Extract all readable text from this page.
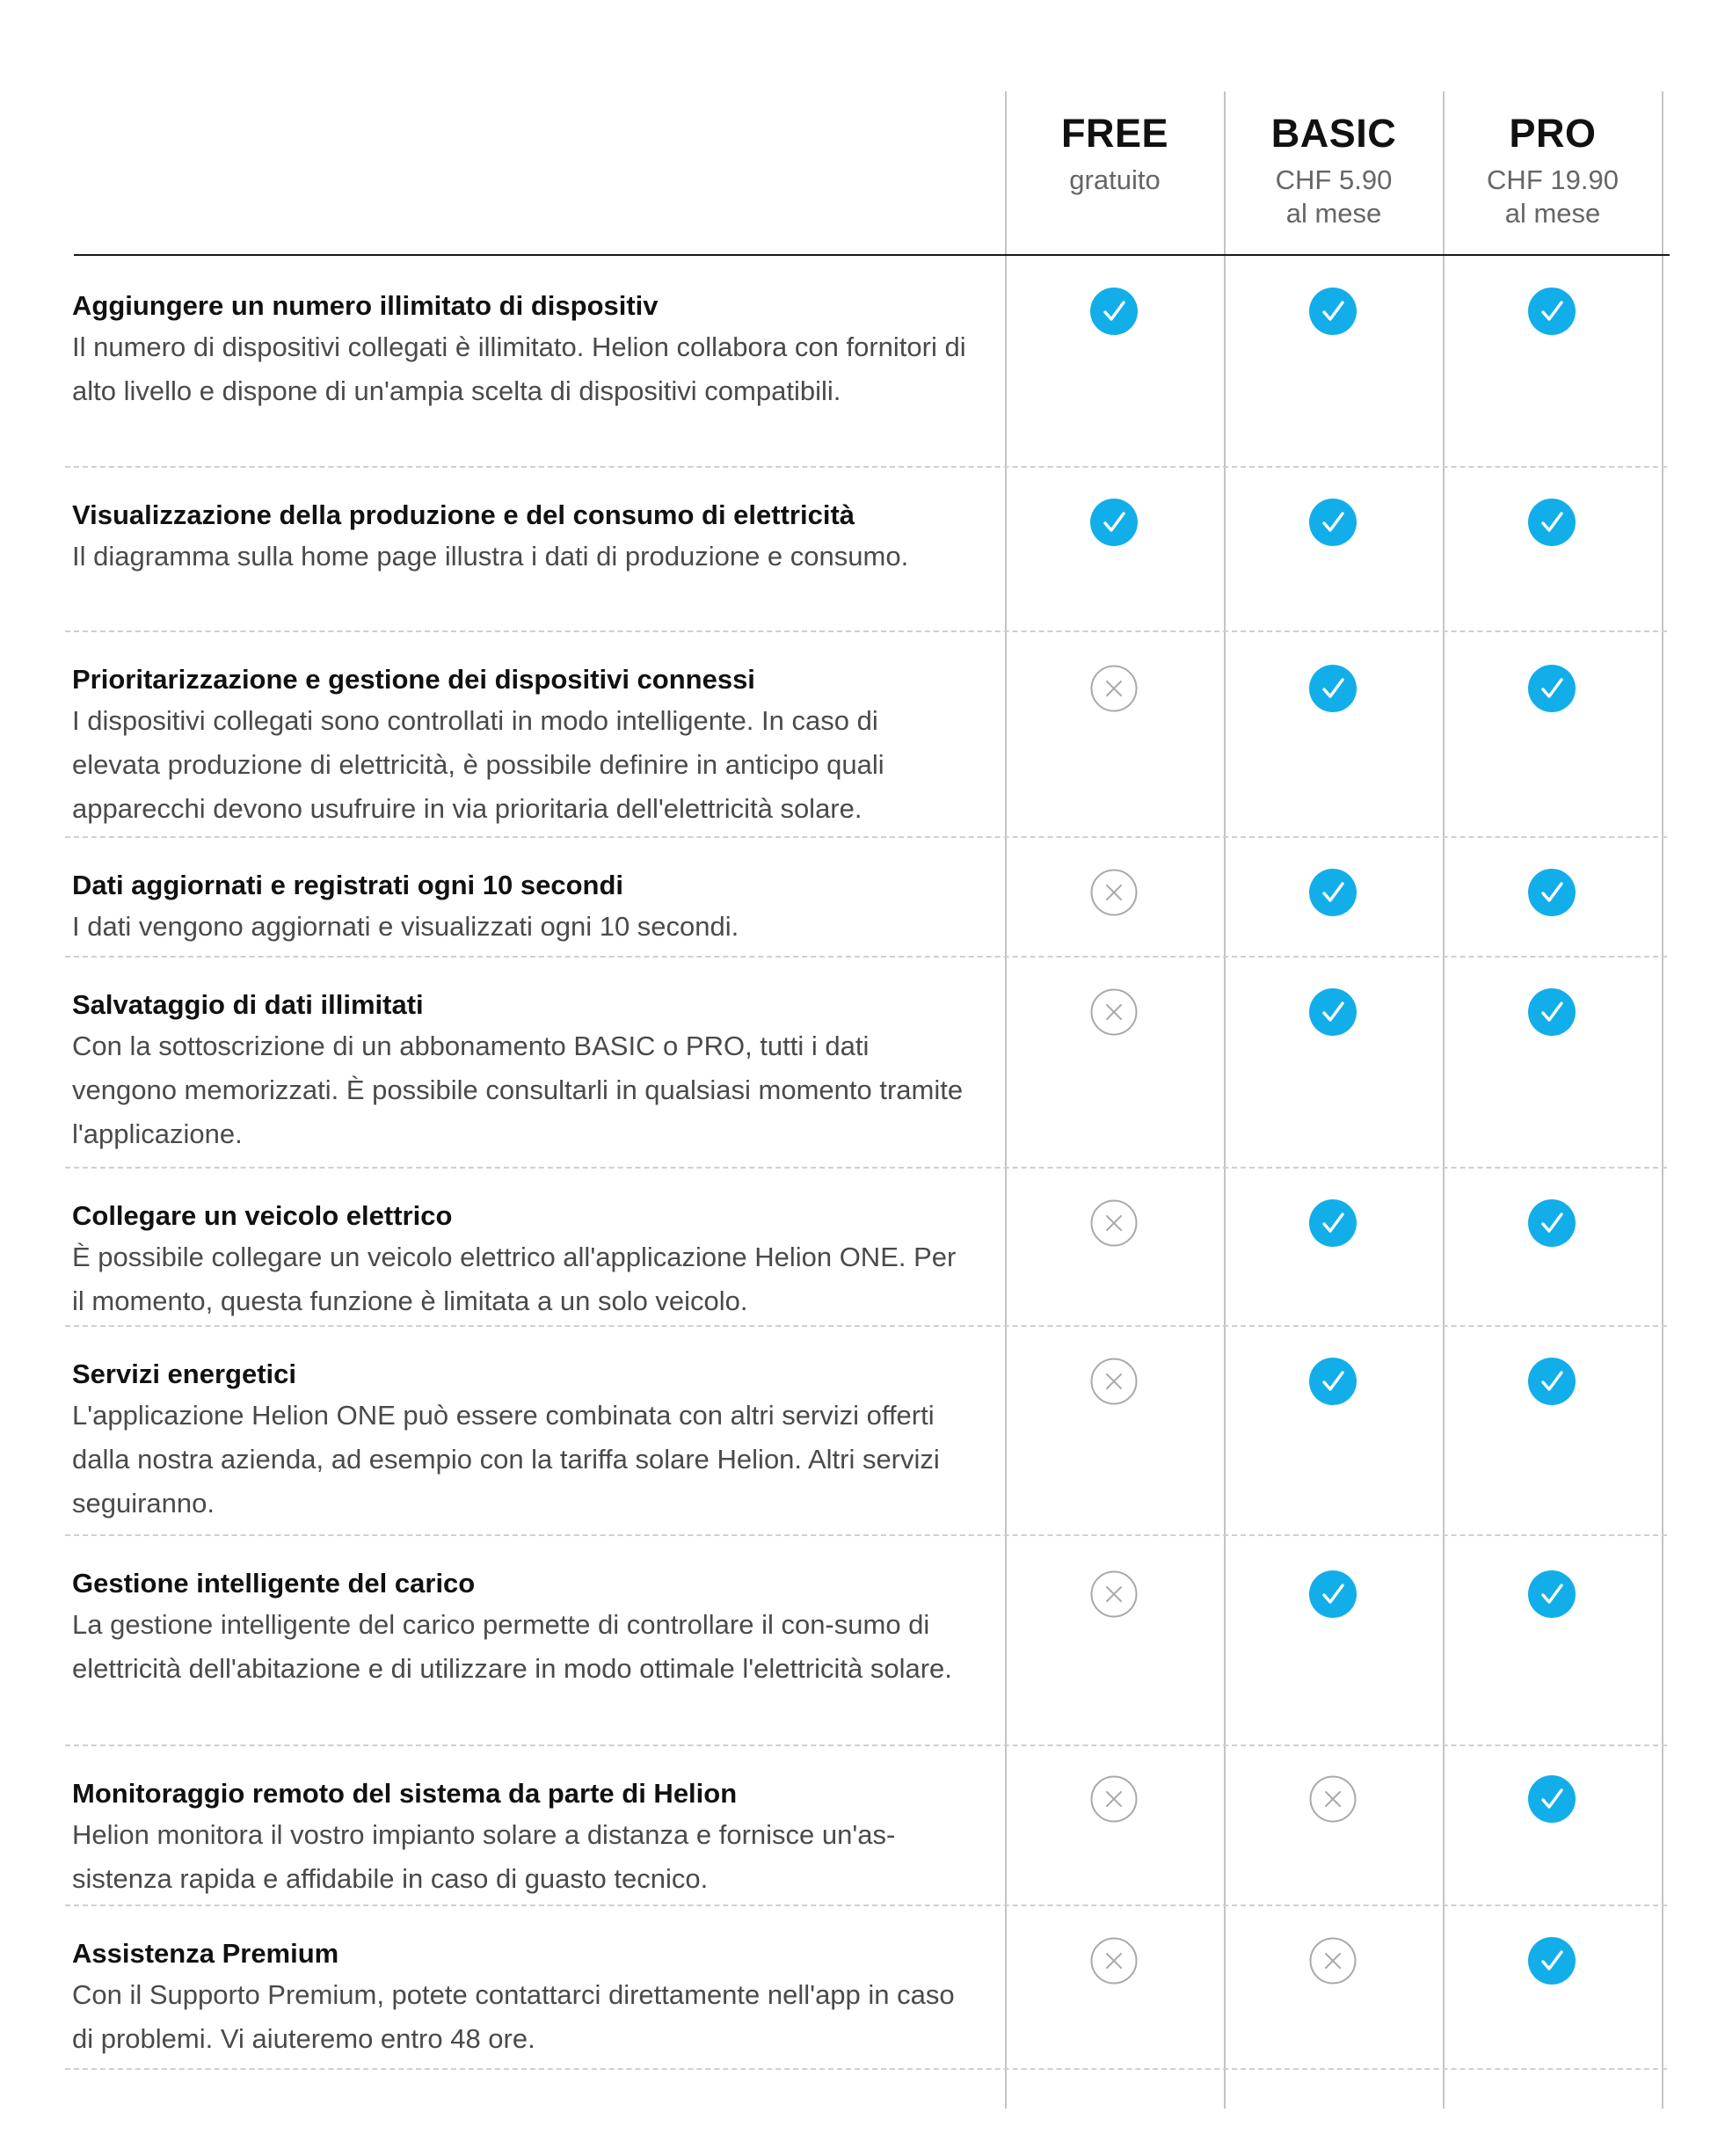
FREE
gratuito
BASIC
CHF 5.90
al mese
PRO
CHF 19.90
al mese
Aggiungere un numero illimitato di dispositiv
Il numero di dispositivi collegati è illimitato. Helion collabora con fornitori di alto livello e dispone di un'ampia scelta di dispositivi compatibili.
Visualizzazione della produzione e del consumo di elettricità
Il diagramma sulla home page illustra i dati di produzione e consumo.
Prioritarizzazione e gestione dei dispositivi connessi
I dispositivi collegati sono controllati in modo intelligente. In caso di elevata produzione di elettricità, è possibile definire in anticipo quali apparecchi devono usufruire in via prioritaria dell'elettricità solare.
Dati aggiornati e registrati ogni 10 secondi
I dati vengono aggiornati e visualizzati ogni 10 secondi.
Salvataggio di dati illimitati
Con la sottoscrizione di un abbonamento BASIC o PRO, tutti i dati vengono memorizzati. È possibile consultarli in qualsiasi momento tramite l'applicazione.
Collegare un veicolo elettrico
È possibile collegare un veicolo elettrico all'applicazione Helion ONE. Per il momento, questa funzione è limitata a un solo veicolo.
Servizi energetici
L'applicazione Helion ONE può essere combinata con altri servizi offerti dalla nostra azienda, ad esempio con la tariffa solare Helion. Altri servizi seguiranno.
Gestione intelligente del carico
La gestione intelligente del carico permette di controllare il con-sumo di elettricità dell'abitazione e di utilizzare in modo ottimale l'elettricità solare.
Monitoraggio remoto del sistema da parte di Helion
Helion monitora il vostro impianto solare a distanza e fornisce un'as-sistenza rapida e affidabile in caso di guasto tecnico.
Assistenza Premium
Con il Supporto Premium, potete contattarci direttamente nell'app in caso di problemi. Vi aiuteremo entro 48 ore.
